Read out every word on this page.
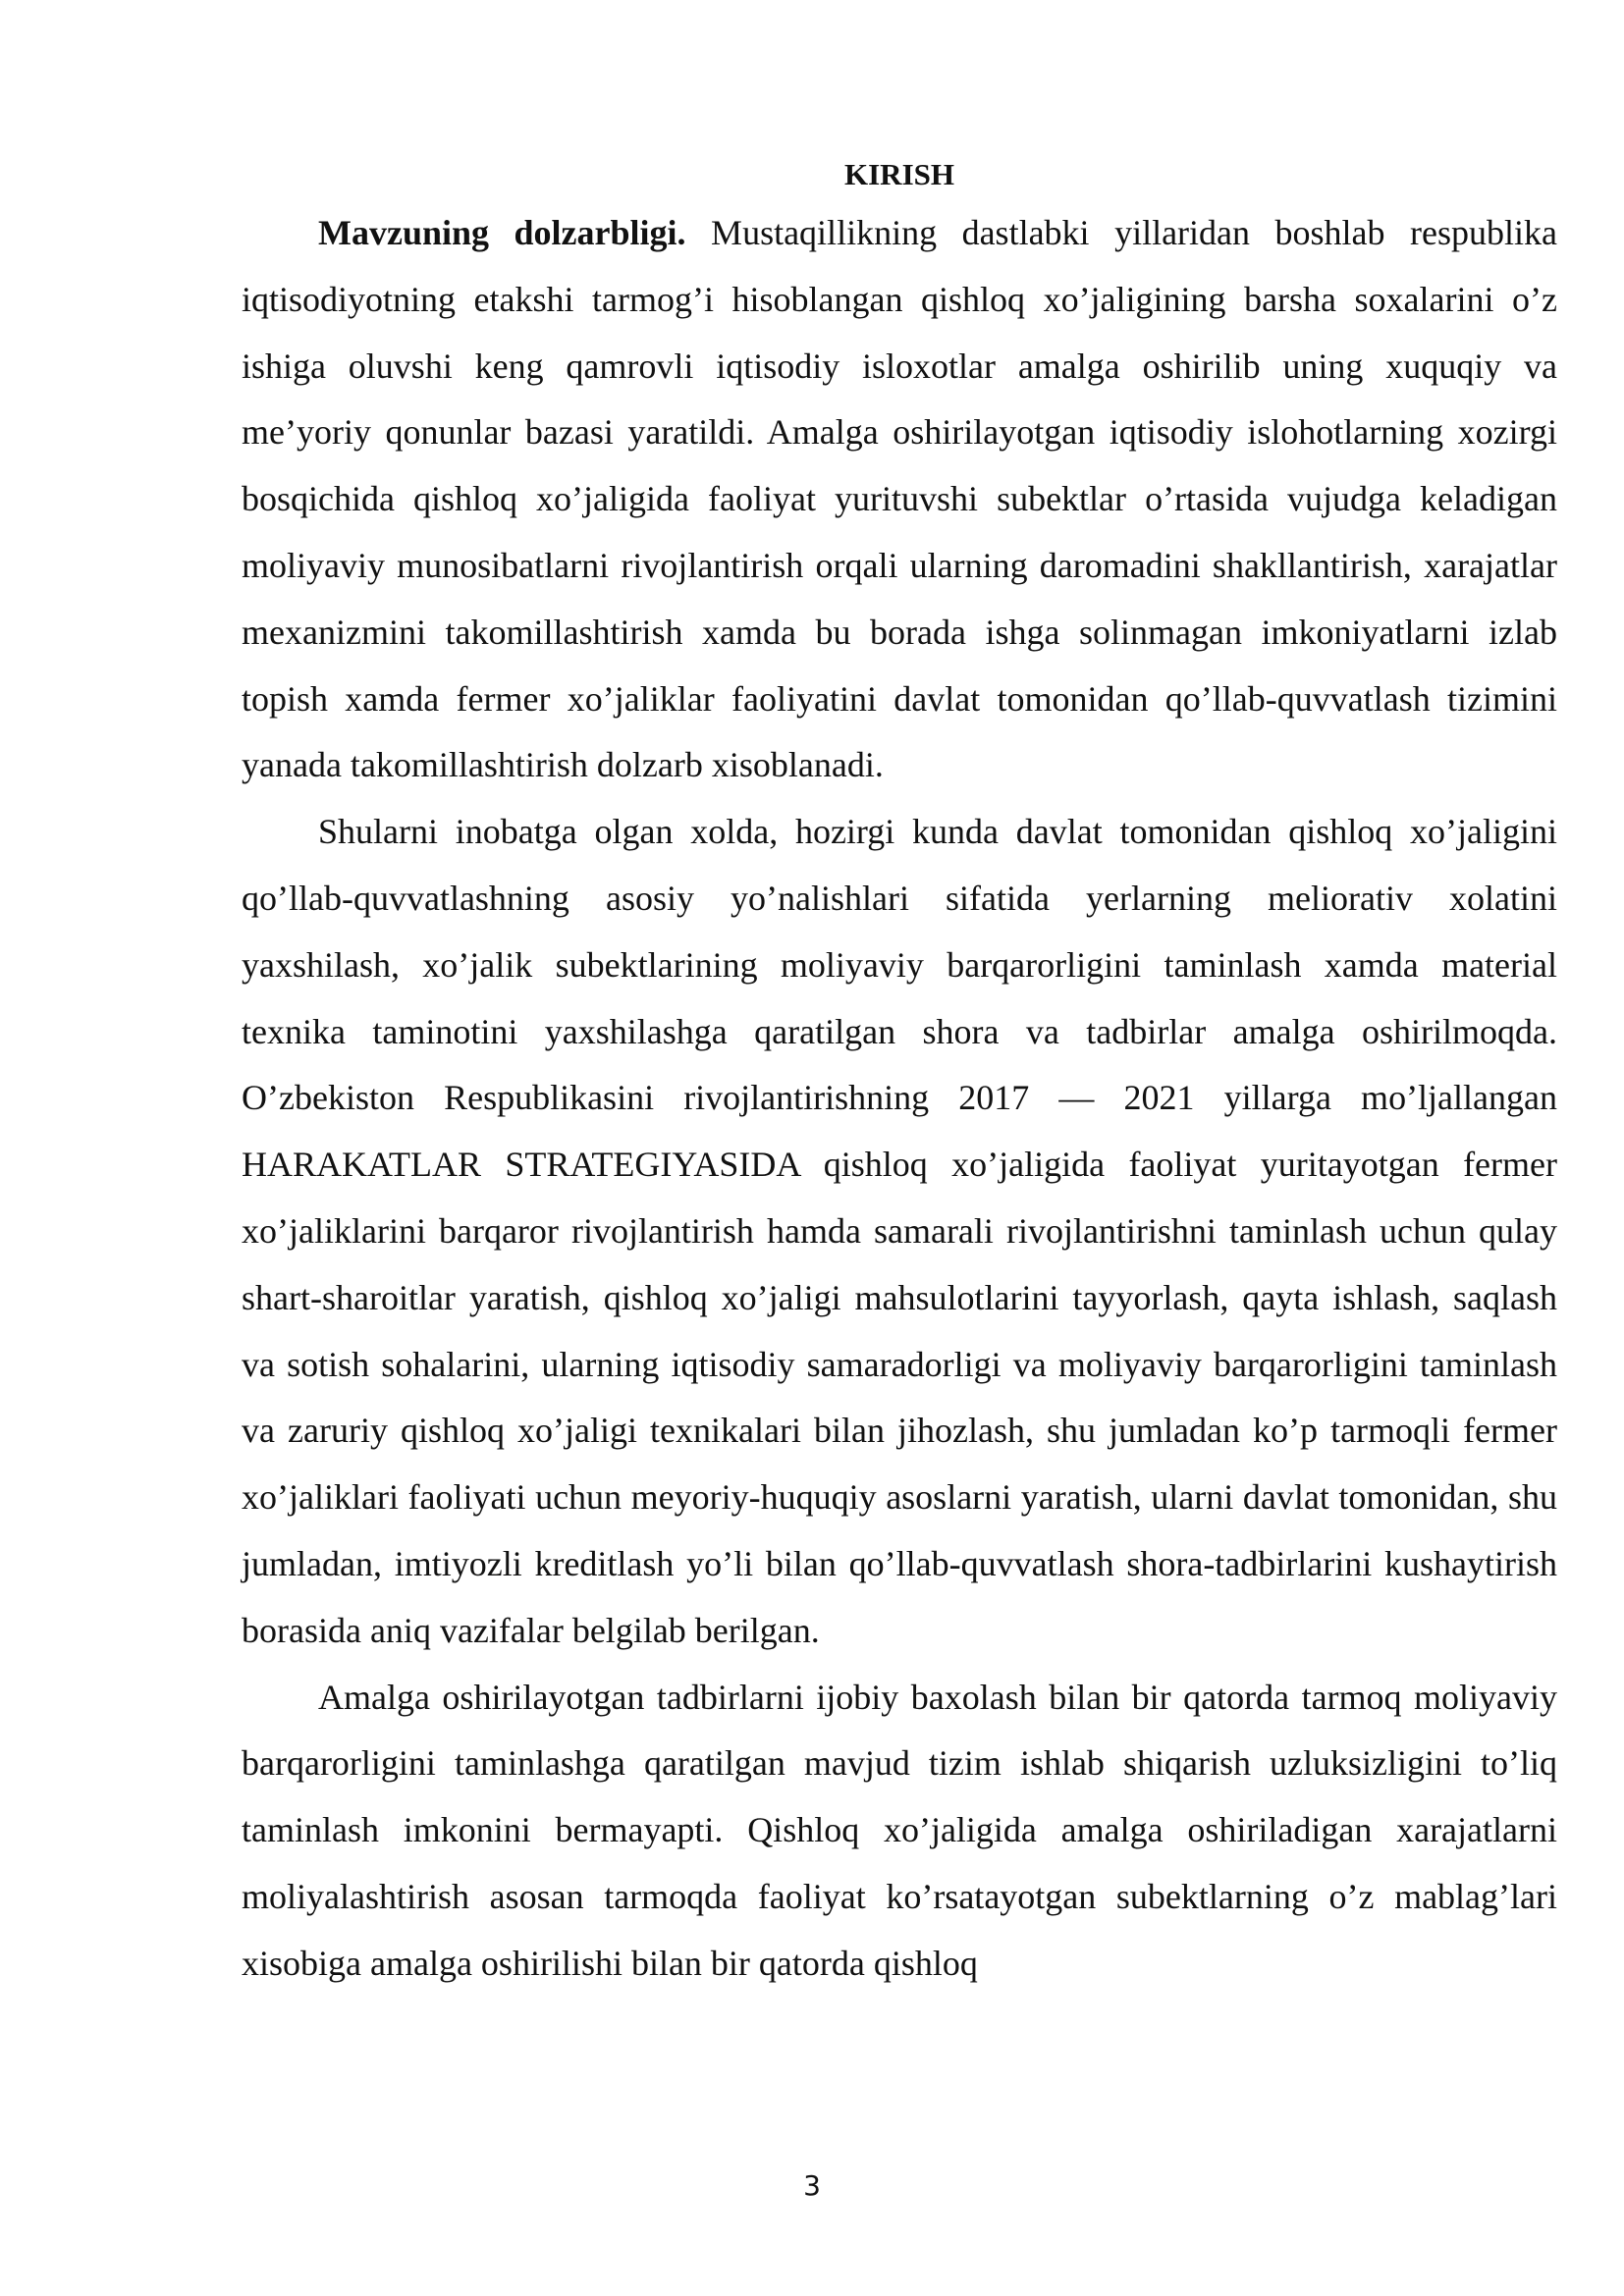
KIRISH

Mavzuning dolzarbligi. Mustaqillikning dastlabki yillaridan boshlab respublika iqtisodiyotning etakshi tarmog’i hisoblangan qishloq xo’jaligining barsha soxalarini o’z ishiga oluvshi keng qamrovli iqtisodiy isloxotlar amalga oshirilib uning xuquqiy va me’yoriy qonunlar bazasi yaratildi. Amalga oshirilayotgan iqtisodiy islohotlarning xozirgi bosqichida qishloq xo’jaligida faoliyat yurituvshi subektlar o’rtasida vujudga keladigan moliyaviy munosibatlarni rivojlantirish orqali ularning daromadini shakllantirish, xarajatlar mexanizmini takomillashtirish xamda bu borada ishga solinmagan imkoniyatlarni izlab topish xamda fermer xo’jaliklar faoliyatini davlat tomonidan qo’llab-quvvatlash tizimini yanada takomillashtirish dolzarb xisoblanadi.

Shularni inobatga olgan xolda, hozirgi kunda davlat tomonidan qishloq xo’jaligini qo’llab-quvvatlashning asosiy yo’nalishlari sifatida yerlarning meliorativ xolatini yaxshilash, xo’jalik subektlarining moliyaviy barqarorligini taminlash xamda material texnika taminotini yaxshilashga qaratilgan shora va tadbirlar amalga oshirilmoqda. O’zbekiston Respublikasini rivojlantirishning 2017 — 2021 yillarga mo’ljallangan HARAKATLAR STRATEGIYASIDA qishloq xo’jaligida faoliyat yuritayotgan fermer xo’jaliklarini barqaror rivojlantirish hamda samarali rivojlantirishni taminlash uchun qulay shart-sharoitlar yaratish, qishloq xo’jaligi mahsulotlarini tayyorlash, qayta ishlash, saqlash va sotish sohalarini, ularning iqtisodiy samaradorligi va moliyaviy barqarorligini taminlash va zaruriy qishloq xo’jaligi texnikalari bilan jihozlash, shu jumladan ko’p tarmoqli fermer xo’jaliklari faoliyati uchun meyoriy-huquqiy asoslarni yaratish, ularni davlat tomonidan, shu jumladan, imtiyozli kreditlash yo’li bilan qo’llab-quvvatlash shora-tadbirlarini kushaytirish borasida aniq vazifalar belgilab berilgan.

Amalga oshirilayotgan tadbirlarni ijobiy baxolash bilan bir qatorda tarmoq moliyaviy barqarorligini taminlashga qaratilgan mavjud tizim ishlab shiqarish uzluksizligini to’liq taminlash imkonini bermayapti. Qishloq xo’jaligida amalga oshiriladigan xarajatlarni moliyalashtirish asosan tarmoqda faoliyat ko’rsatayotgan subektlarning o’z mablag’lari xisobiga amalga oshirilishi bilan bir qatorda qishloq

3
